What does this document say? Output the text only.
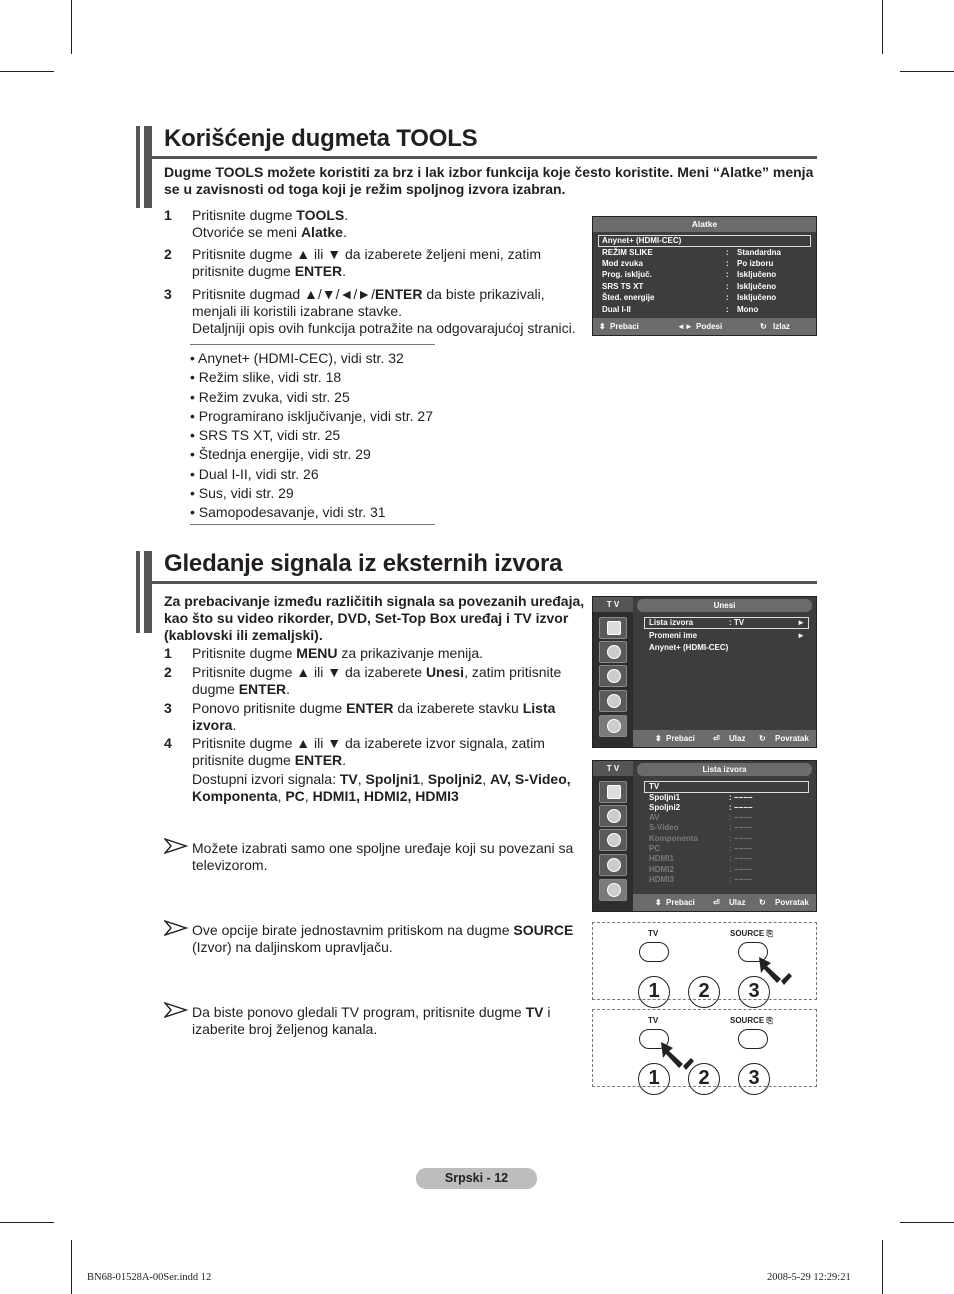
Korišćenje dugmeta TOOLS
Dugme TOOLS možete koristiti za brz i lak izbor funkcija koje često koristite. Meni “Alatke” menja se u zavisnosti od toga koji je režim spoljnog izvora izabran.
1 Pritisnite dugme TOOLS.
Otvoriće se meni Alatke.
2 Pritisnite dugme ▲ ili ▼ da izaberete željeni meni, zatim
pritisnite dugme ENTER.
3 Pritisnite dugmad ▲/▼/◄/►/ENTER da biste prikazivali,
menjali ili koristili izabrane stavke.
Detaljniji opis ovih funkcija potražite na odgovarajućoj stranici.
• Anynet+ (HDMI-CEC), vidi str. 32
• Režim slike, vidi str. 18
• Režim zvuka, vidi str. 25
• Programirano isključivanje, vidi str. 27
• SRS TS XT, vidi str. 25
• Štednja energije, vidi str. 29
• Dual I-II, vidi str. 26
• Sus, vidi str. 29
• Samopodesavanje, vidi str. 31
Alatke
Anynet+ (HDMI-CEC)
REŽIM SLIKE	: Standardna
Mod zvuka	: Po izboru
Prog. isključ.	: Isključeno
SRS TS XT	: Isključeno
Šted. energije	: Isključeno
Dual I-II	: Mono
⬍ Prebaci	◄► Podesi	↻ Izlaz
Gledanje signala iz eksternih izvora
Za prebacivanje između različitih signala sa povezanih uređaja, kao što su video rikorder, DVD, Set-Top Box uređaj i TV izvor (kablovski ili zemaljski).
1 Pritisnite dugme MENU za prikazivanje menija.
2 Pritisnite dugme ▲ ili ▼ da izaberete Unesi, zatim pritisnite
dugme ENTER.
3 Ponovo pritisnite dugme ENTER da izaberete stavku Lista
izvora.
4 Pritisnite dugme ▲ ili ▼ da izaberete izvor signala, zatim
pritisnite dugme ENTER.
Dostupni izvori signala: TV, Spoljni1, Spoljni2, AV, S-Video,
Komponenta, PC, HDMI1, HDMI2, HDMI3
Možete izabrati samo one spoljne uređaje koji su povezani sa televizorom.
Ove opcije birate jednostavnim pritiskom na dugme SOURCE
(Izvor) na daljinskom upravljaču.
Da biste ponovo gledali TV program, pritisnite dugme TV i
izaberite broj željenog kanala.
T V	Unesi
Lista izvora	: TV	►
Promeni ime	►
Anynet+ (HDMI-CEC)
⬍ Prebaci ⏎ Ulaz ↻ Povratak
T V	Lista izvora
TV
Spoljni1	: −−−−
Spoljni2	: −−−−
AV	: −−−−
S-Video	: −−−−
Komponenta	: −−−−
PC	: −−−−
HDMI1	: −−−−
HDMI2	: −−−−
HDMI3	: −−−−
⬍ Prebaci ⏎ Ulaz ↻ Povratak
TV	SOURCE ⎘
1	2	3
TV	SOURCE ⎘
1	2	3
Srpski - 12
BN68-01528A-00Ser.indd 12	2008-5-29 12:29:21
